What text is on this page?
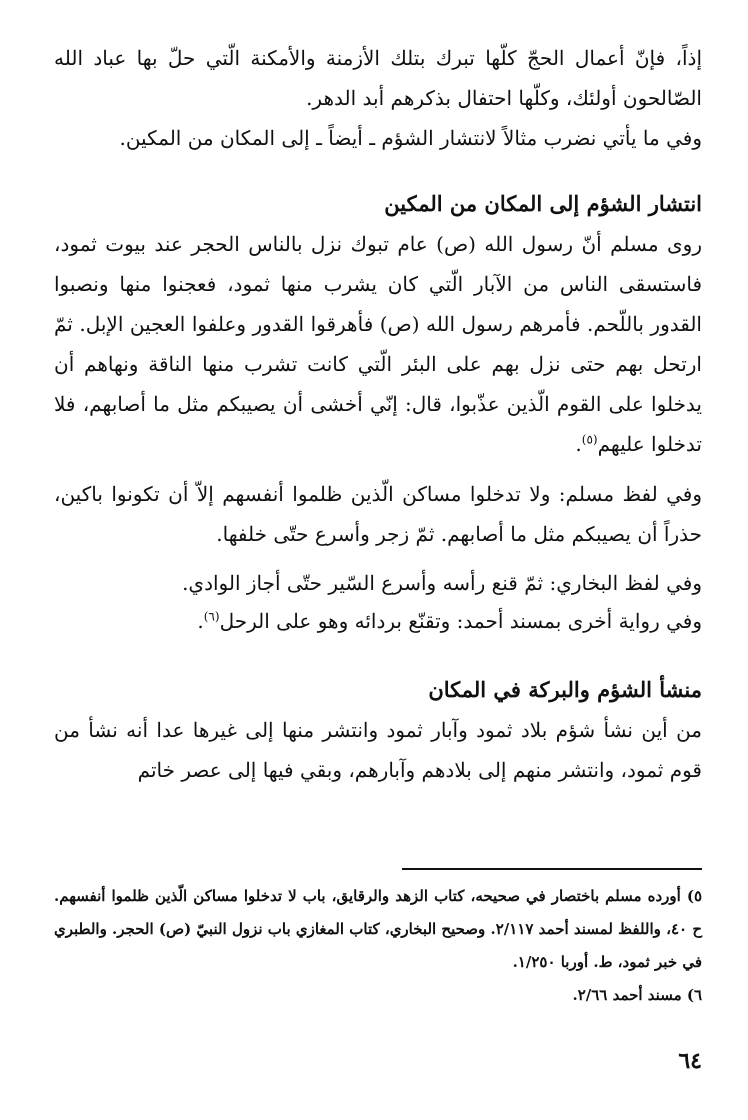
إذاً، فإنّ أعمال الحجّ كلّها تبرك بتلك الأزمنة والأمكنة الّتي حلّ بها عباد الله الصّالحون أولئك، وكلّها احتفال بذكرهم أبد الدهر.

وفي ما يأتي نضرب مثالاً لانتشار الشؤم ـ أيضاً ـ إلى المكان من المكين.

انتشار الشؤم إلى المكان من المكين

روى مسلم أنّ رسول الله (ص) عام تبوك نزل بالناس الحجر عند بيوت ثمود، فاستسقى الناس من الآبار الّتي كان يشرب منها ثمود، فعجنوا منها ونصبوا القدور باللّحم. فأمرهم رسول الله (ص) فأهرقوا القدور وعلفوا العجين الإبل. ثمّ ارتحل بهم حتى نزل بهم على البئر الّتي كانت تشرب منها الناقة ونهاهم أن يدخلوا على القوم الّذين عذّبوا، قال: إنّي أخشى أن يصيبكم مثل ما أصابهم، فلا تدخلوا عليهم$^{(٥)}$.

وفي لفظ مسلم: ولا تدخلوا مساكن الّذين ظلموا أنفسهم إلاّ أن تكونوا باكين، حذراً أن يصيبكم مثل ما أصابهم. ثمّ زجر وأسرع حتّى خلفها.

وفي لفظ البخاري: ثمّ قنع رأسه وأسرع السّير حتّى أجاز الوادي.

وفي رواية أخرى بمسند أحمد: وتقنّع بردائه وهو على الرحل$^{(٦)}$.

منشأ الشؤم والبركة في المكان

من أين نشأ شؤم بلاد ثمود وآبار ثمود وانتشر منها إلى غيرها عدا أنه نشأ من قوم ثمود، وانتشر منهم إلى بلادهم وآبارهم، وبقي فيها إلى عصر خاتم

٥) أورده مسلم باختصار في صحيحه، كتاب الزهد والرقايق، باب لا تدخلوا مساكن الّذين ظلموا أنفسهم. ح ٤٠، واللفظ لمسند أحمد ٢/١١٧. وصحيح البخاري، كتاب المغازي باب نزول النبيّ (ص) الحجر. والطبري في خبر ثمود، ط. أوربا ١/٢٥٠.

٦) مسند أحمد ٢/٦٦.

٦٤
